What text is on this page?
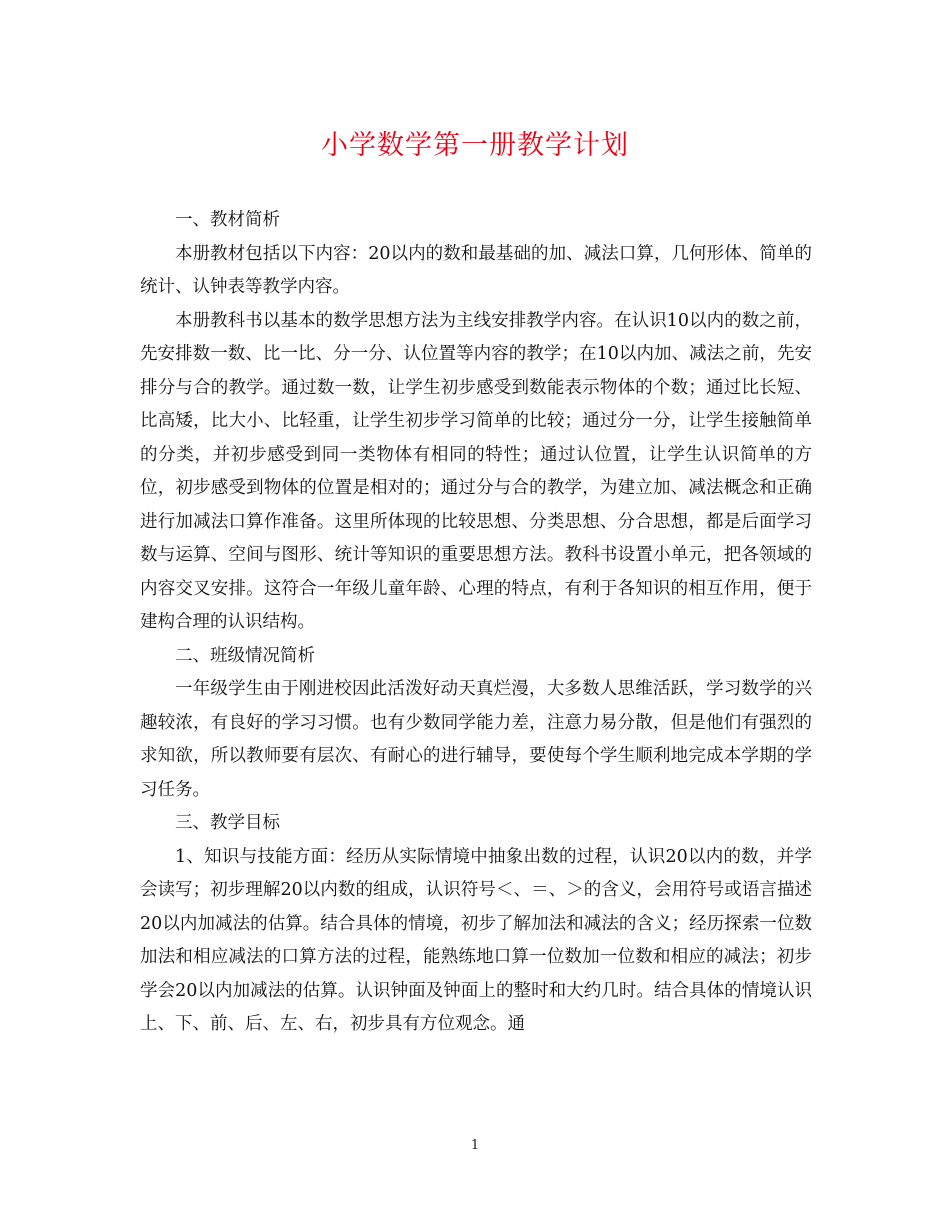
小学数学第一册教学计划

一、教材简析

本册教材包括以下内容：20以内的数和最基础的加、减法口算，几何形体、简单的统计、认钟表等教学内容。

本册教科书以基本的数学思想方法为主线安排教学内容。在认识10以内的数之前，先安排数一数、比一比、分一分、认位置等内容的教学；在10以内加、减法之前，先安排分与合的教学。通过数一数，让学生初步感受到数能表示物体的个数；通过比长短、比高矮，比大小、比轻重，让学生初步学习简单的比较；通过分一分，让学生接触简单的分类，并初步感受到同一类物体有相同的特性；通过认位置，让学生认识简单的方位，初步感受到物体的位置是相对的；通过分与合的教学，为建立加、减法概念和正确进行加减法口算作准备。这里所体现的比较思想、分类思想、分合思想，都是后面学习数与运算、空间与图形、统计等知识的重要思想方法。教科书设置小单元，把各领域的内容交叉安排。这符合一年级儿童年龄、心理的特点，有利于各知识的相互作用，便于建构合理的认识结构。

二、班级情况简析

一年级学生由于刚进校因此活泼好动天真烂漫，大多数人思维活跃，学习数学的兴趣较浓，有良好的学习习惯。也有少数同学能力差，注意力易分散，但是他们有强烈的求知欲，所以教师要有层次、有耐心的进行辅导，要使每个学生顺利地完成本学期的学习任务。

三、教学目标

1、知识与技能方面：经历从实际情境中抽象出数的过程，认识20以内的数，并学会读写；初步理解20以内数的组成，认识符号＜、＝、＞的含义，会用符号或语言描述20以内加减法的估算。结合具体的情境，初步了解加法和减法的含义；经历探索一位数加法和相应减法的口算方法的过程，能熟练地口算一位数加一位数和相应的减法；初步学会20以内加减法的估算。认识钟面及钟面上的整时和大约几时。结合具体的情境认识上、下、前、后、左、右，初步具有方位观念。通

1
